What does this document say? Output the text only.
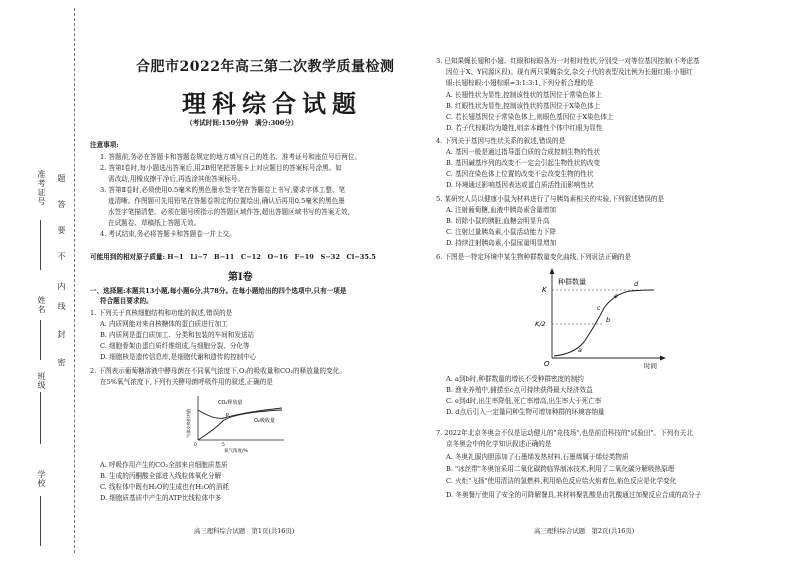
学校
班级
姓名
准考证号
密
封
线
内
不
要
答
题
合肥市2022年高三第二次教学质量检测
理科综合试题
（考试时间:150分钟　满分:300分）
注意事项:
1. 答题前,务必在答题卡和答题卷规定的地方填写自己的姓名、准考证号和座位号后两位。
2. 答第Ⅰ卷时,每小题选出答案后,用2B铅笔把答题卡上对应题目的答案标号涂黑。如
需改动,用橡皮擦干净后,再选涂其他答案标号。
3. 答第Ⅱ卷时,必须使用0.5毫米的黑色墨水签字笔在答题卷上书写,要求字体工整、笔
迹清晰。作图题可先用铅笔在答题卷规定的位置绘出,确认后再用0.5毫米的黑色墨
水签字笔描清楚。必须在题号所指示的答题区域作答,超出答题区域书写的答案无效,
在试题卷、草稿纸上答题无效。
4. 考试结束,务必将答题卡和答题卷一并上交。
可能用到的相对原子质量: H−1　Li−7　B−11　C−12　O−16　F−19　S−32　Cl−35.5
第Ⅰ卷
一、选择题:本题共13小题,每小题6分,共78分。在每小题给出的四个选项中,只有一项是
符合题目要求的。
1. 下列关于真核细胞结构和功能的叙述,错误的是
A. 内质网能对来自核糖体的蛋白质进行加工
B. 内质网是蛋白质加工、分类和包装的车间和发送站
C. 细胞骨架由蛋白质纤维组成,与细胞分裂、分化等
D. 细胞核是遗传信息库,是细胞代谢和遗传的控制中心
2. 下图表示葡萄糖溶液中酵母菌在不同氧气浓度下,O₂的吸收量和CO₂的释放量的变化。
在5%氧气浓度下,下列有关酵母菌呼吸作用的叙述,正确的是
CO₂释放量
O₂吸收量
P
5
0
氧气浓度/%
气体交换相对值
A. 呼吸作用产生的CO₂全部来自细胞质基质
B. 生成的丙酮酸全部进入线粒体氧化分解
C. 线粒体中既有H₂O的生成也有H₂O的消耗
D. 细胞质基质中产生的ATP比线粒体中多
高三理科综合试题　第1页(共16页)
3. 已知果蝇长翅和小翅、红眼和棕眼各为一对相对性状,分别受一对等位基因控制(不考虑基
因位于X、Y同源区段)。现有两只果蝇杂交,杂交子代的表型及比例为长翅红眼:小翅红
眼:长翅棕眼:小翅棕眼=3:1:3:1,下列分析合理的是
A. 长翅性状为显性,控制该性状的基因位于常染色体上
B. 红眼性状为显性,控制该性状的基因位于X染色体上
C. 若长翅基因位于常染色体上,则眼色基因位于X染色体上
D. 若子代棕眼均为雄性,则亲本雌性个体中红眼为显性
4. 下列关于基因与性状关系的叙述,错误的是
A. 基因一般是通过指导蛋白质的合成控制生物的性状
B. 基因碱基序列的改变不一定会引起生物性状的改变
C. 基因在染色体上位置的改变不会改变生物的性状
D. 环境通过影响基因表达或蛋白质活性而影响性状
5. 某研究人员以健康小鼠为材料进行了与胰岛素相关的实验,下列叙述错误的是
A. 注射葡萄糖,血液中胰岛素含量增加
B. 切除小鼠的胰脏,血糖会明显升高
C. 注射过量胰岛素,小鼠活动能力下降
D. 持续注射胰岛素,小鼠尿量明显增加
6. 下图是一特定环境中某生物种群数量变化曲线,下列说法正确的是
种群数量
时间
K
K/2
O
a
b
c
d
e
A. a到b时,种群数量的增长不受种群密度的制约
B. 渔业养殖中,捕捞至c点可持续获得最大经济效益
C. e到d时,出生率降低,死亡率增高,出生率大于死亡率
D. d点后引入一定量同种生物可增加种群的环境容纳量
7. 2022年北京冬奥会不仅是运动健儿的"竞技场",也是前沿科技的"试验田"。下列有关北
京冬奥会中的化学知识叙述正确的是
A. 冬奥礼服内胆添加了石墨烯发热材料,石墨烯属于烯烃类物质
B. "冰丝带"冬奥馆采用二氧化碳跨临界制冰技术,利用了二氧化碳分解吸热原理
C. 火炬"飞扬"使用清洁的氢燃料,利用焰色反应给火焰着色,焰色反应是化学变化
D. 冬奥餐厅使用了安全的可降解餐具,其材料聚乳酸是由乳酸通过加聚反应合成的高分子
高三理科综合试题　第2页(共16页)
